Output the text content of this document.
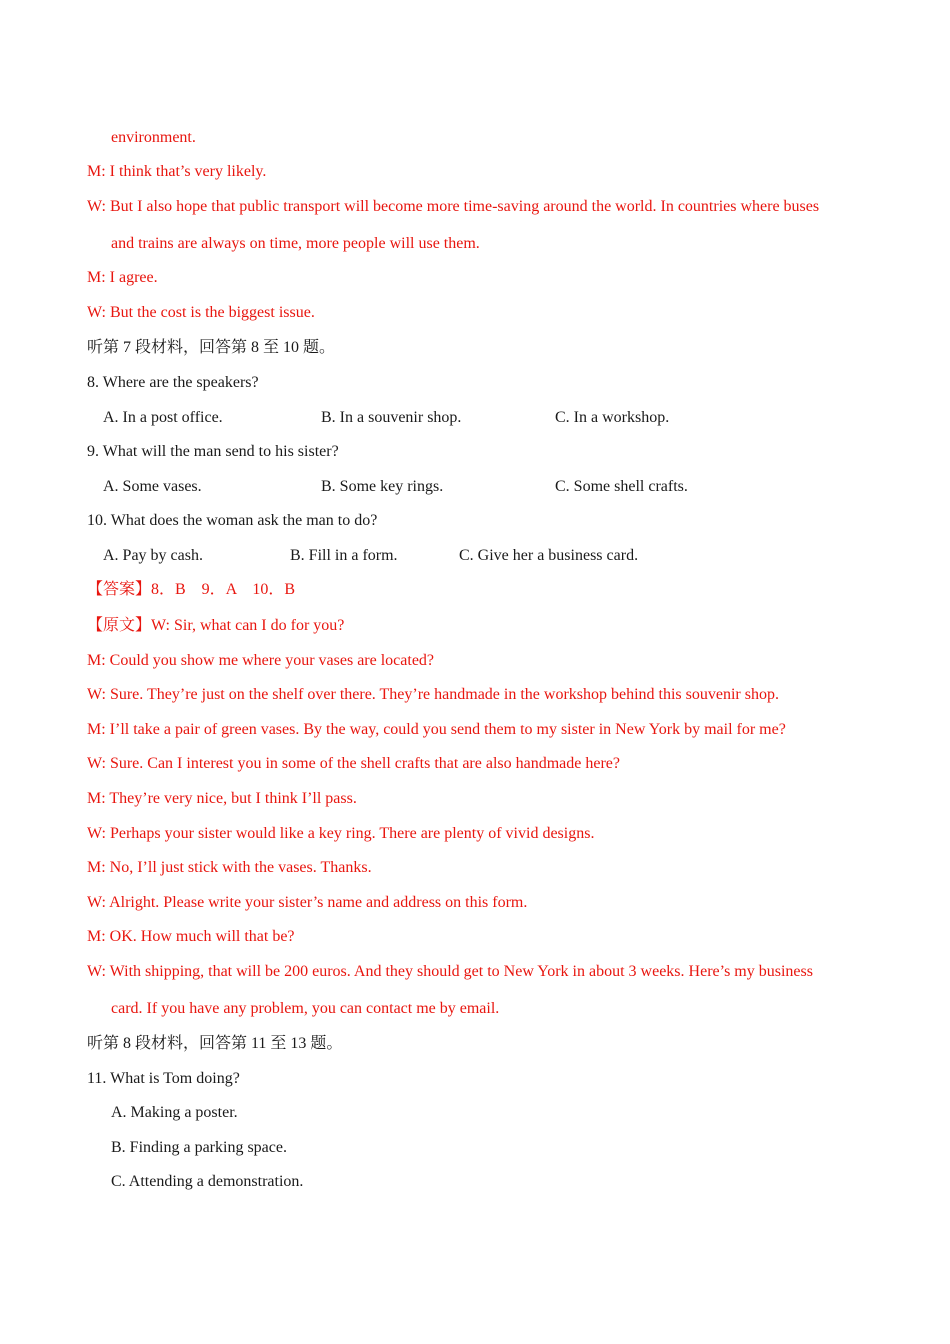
environment.
M: I think that’s very likely.
W: But I also hope that public transport will become more time-saving around the world. In countries where buses
and trains are always on time, more people will use them.
M: I agree.
W: But the cost is the biggest issue.
听第 7 段材料，回答第 8 至 10 题。
8. Where are the speakers?
A. In a post office.	B. In a souvenir shop.	C. In a workshop.
9. What will the man send to his sister?
A. Some vases.	B. Some key rings.	C. Some shell crafts.
10. What does the woman ask the man to do?
A. Pay by cash.	B. Fill in a form.	C. Give her a business card.
【答案】8．B　9．A　10．B
【原文】W: Sir, what can I do for you?
M: Could you show me where your vases are located?
W: Sure. They’re just on the shelf over there. They’re handmade in the workshop behind this souvenir shop.
M: I’ll take a pair of green vases. By the way, could you send them to my sister in New York by mail for me?
W: Sure. Can I interest you in some of the shell crafts that are also handmade here?
M: They’re very nice, but I think I’ll pass.
W: Perhaps your sister would like a key ring. There are plenty of vivid designs.
M: No, I’ll just stick with the vases. Thanks.
W: Alright. Please write your sister’s name and address on this form.
M: OK. How much will that be?
W: With shipping, that will be 200 euros. And they should get to New York in about 3 weeks. Here’s my business
card. If you have any problem, you can contact me by email.
听第 8 段材料，回答第 11 至 13 题。
11. What is Tom doing?
A. Making a poster.
B. Finding a parking space.
C. Attending a demonstration.
